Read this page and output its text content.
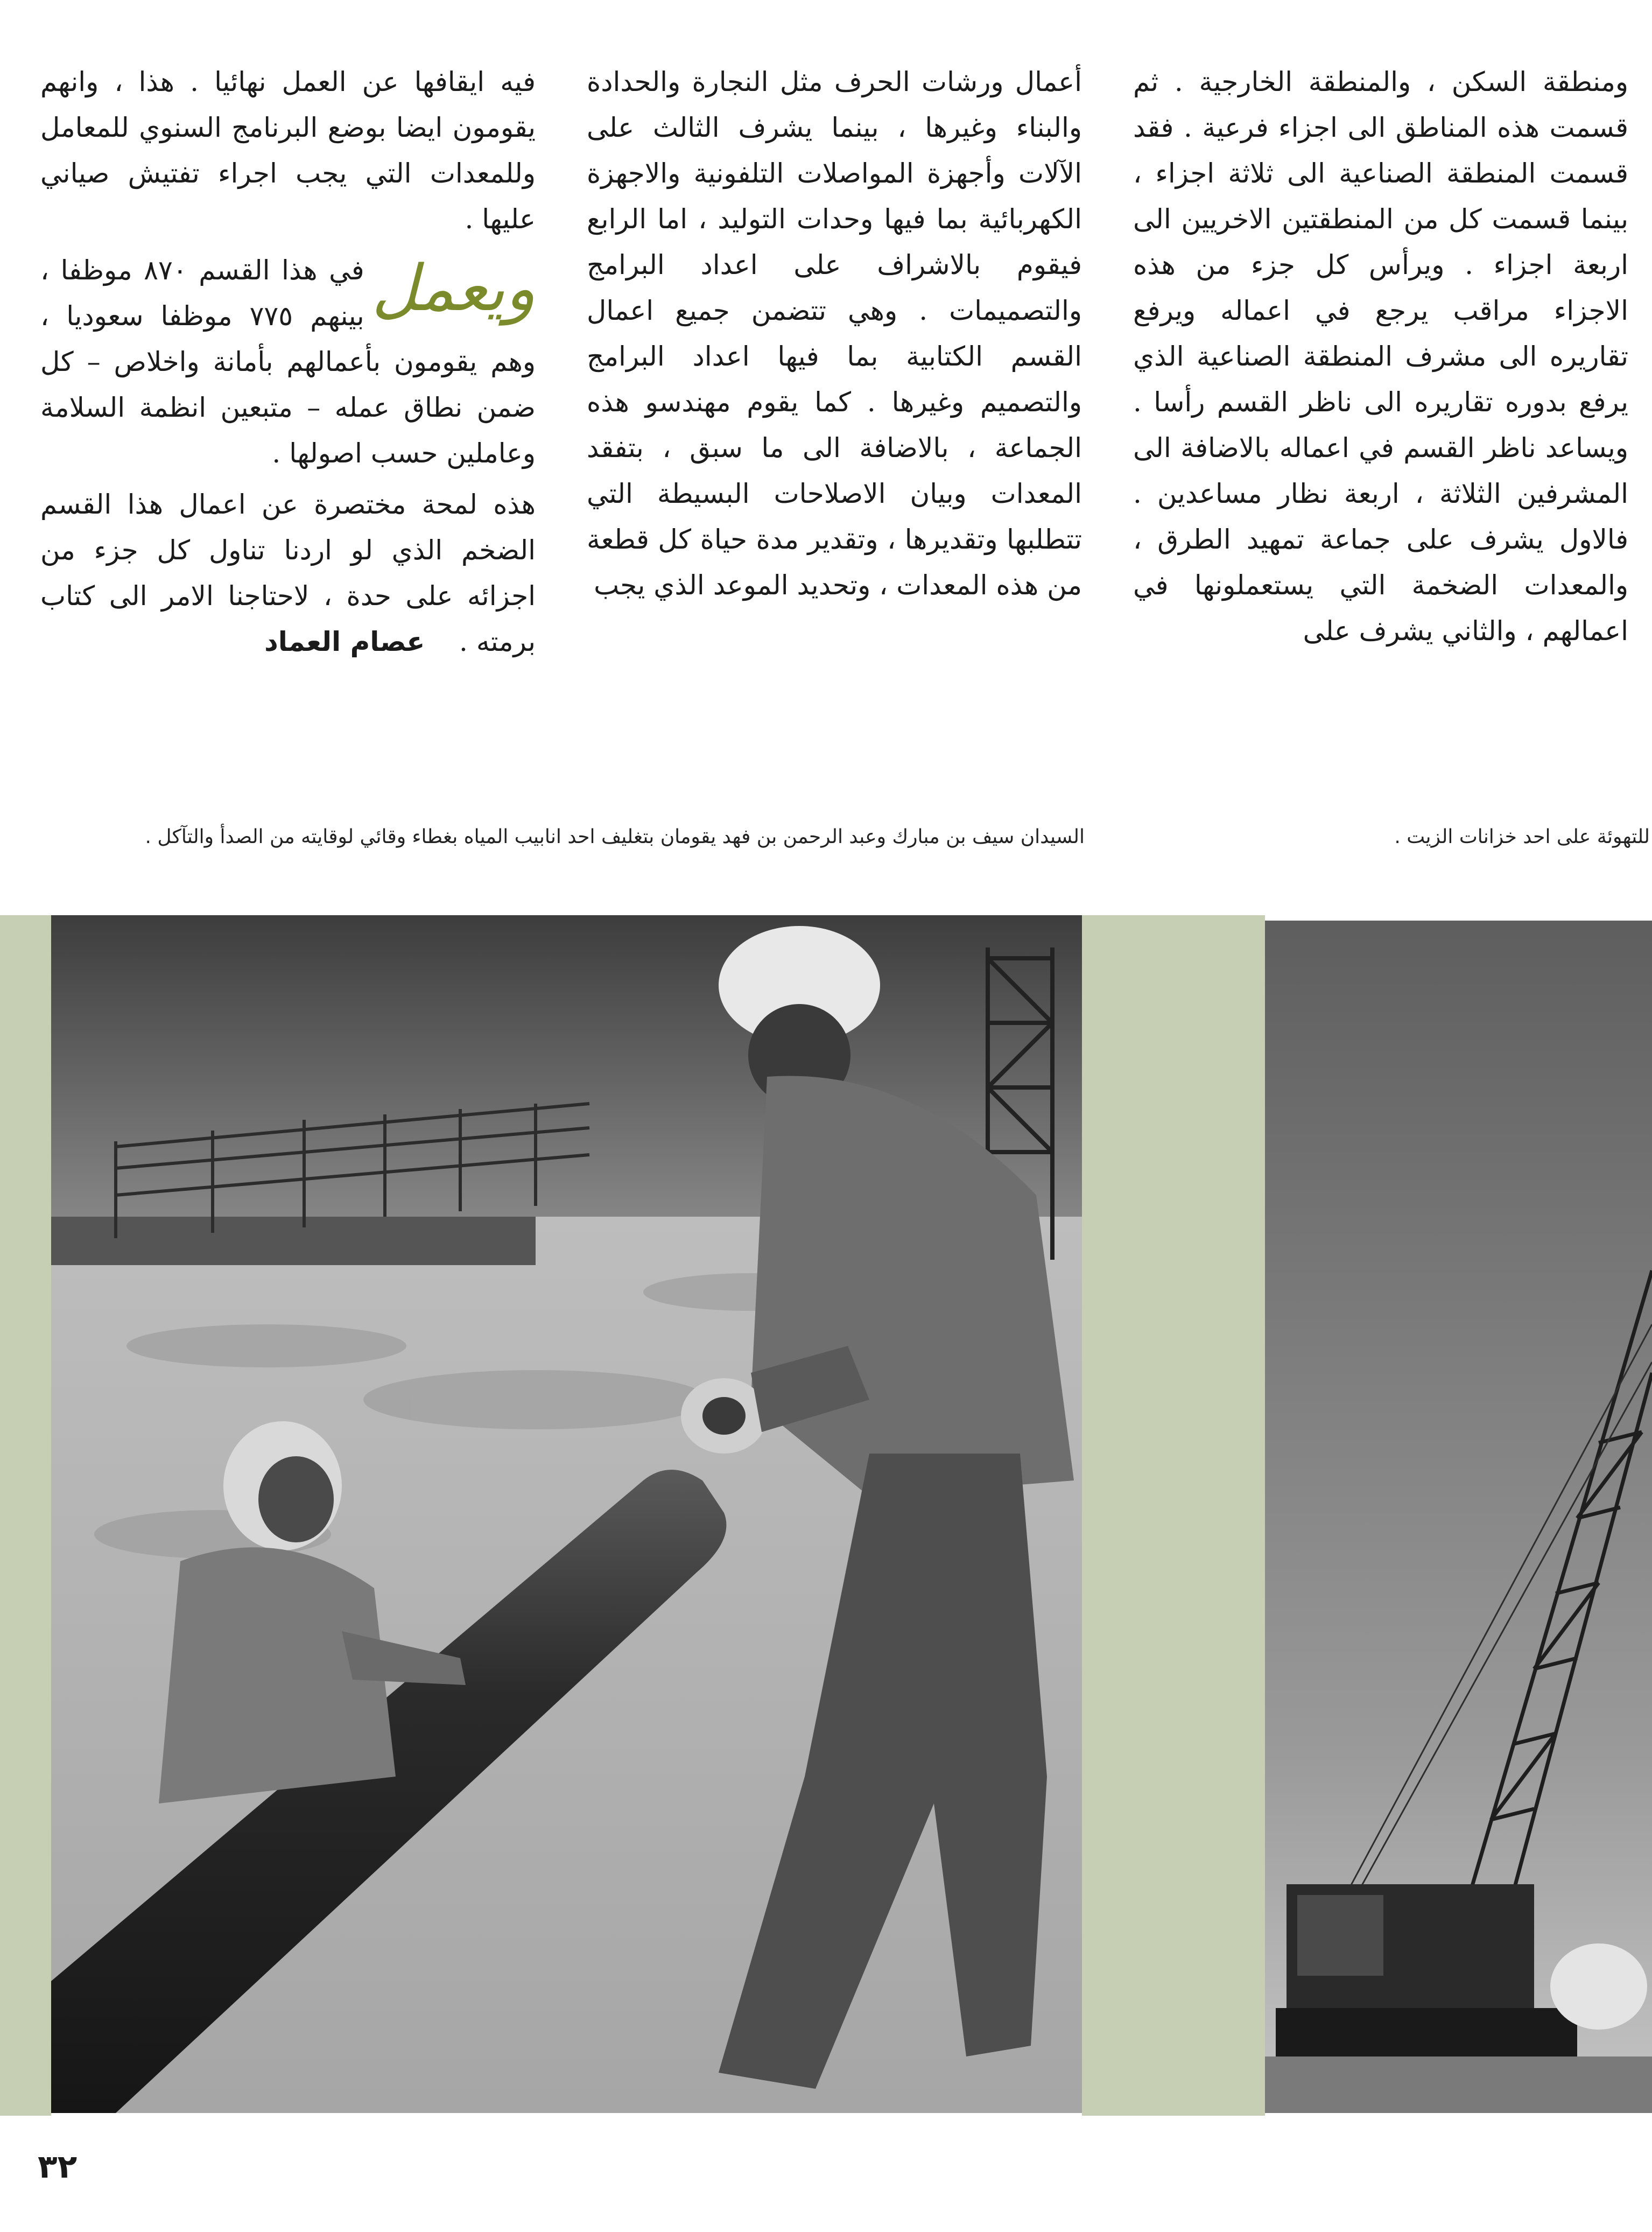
ومنطقة السكن ، والمنطقة الخارجية . ثم قسمت هذه المناطق الى اجزاء فرعية . فقد قسمت المنطقة الصناعية الى ثلاثة اجزاء ، بينما قسمت كل من المنطقتين الاخريين الى اربعة اجزاء . ويرأس كل جزء من هذه الاجزاء مراقب يرجع في اعماله ويرفع تقاريره الى مشرف المنطقة الصناعية الذي يرفع بدوره تقاريره الى ناظر القسم رأسا . ويساعد ناظر القسم في اعماله بالاضافة الى المشرفين الثلاثة ، اربعة نظار مساعدين . فالاول يشرف على جماعة تمهيد الطرق ، والمعدات الضخمة التي يستعملونها في اعمالهم ، والثاني يشرف على

أعمال ورشات الحرف مثل النجارة والحدادة والبناء وغيرها ، بينما يشرف الثالث على الآلات وأجهزة المواصلات التلفونية والاجهزة الكهربائية بما فيها وحدات التوليد ، اما الرابع فيقوم بالاشراف على اعداد البرامج والتصميمات . وهي تتضمن جميع اعمال القسم الكتابية بما فيها اعداد البرامج والتصميم وغيرها . كما يقوم مهندسو هذه الجماعة ، بالاضافة الى ما سبق ، بتفقد المعدات وبيان الاصلاحات البسيطة التي تتطلبها وتقديرها ، وتقدير مدة حياة كل قطعة من هذه المعدات ، وتحديد الموعد الذي يجب

فيه ايقافها عن العمل نهائيا . هذا ، وانهم يقومون ايضا بوضع البرنامج السنوي للمعامل وللمعدات التي يجب اجراء تفتيش صياني عليها .

ويعمل
في هذا القسم ٨٧٠ موظفا ، بينهم ٧٧٥ موظفا سعوديا ، وهم يقومون بأعمالهم بأمانة واخلاص – كل ضمن نطاق عمله – متبعين انظمة السلامة وعاملين حسب اصولها .

هذه لمحة مختصرة عن اعمال هذا القسم الضخم الذي لو اردنا تناول كل جزء من اجزائه على حدة ، لاحتاجنا الامر الى كتاب برمته .    عصام العماد

للتهوئة على احد خزانات الزيت .
السيدان سيف بن مبارك وعبد الرحمن بن فهد يقومان بتغليف احد انابيب المياه بغطاء وقائي لوقايته من الصدأ والتآكل .
٣٢
